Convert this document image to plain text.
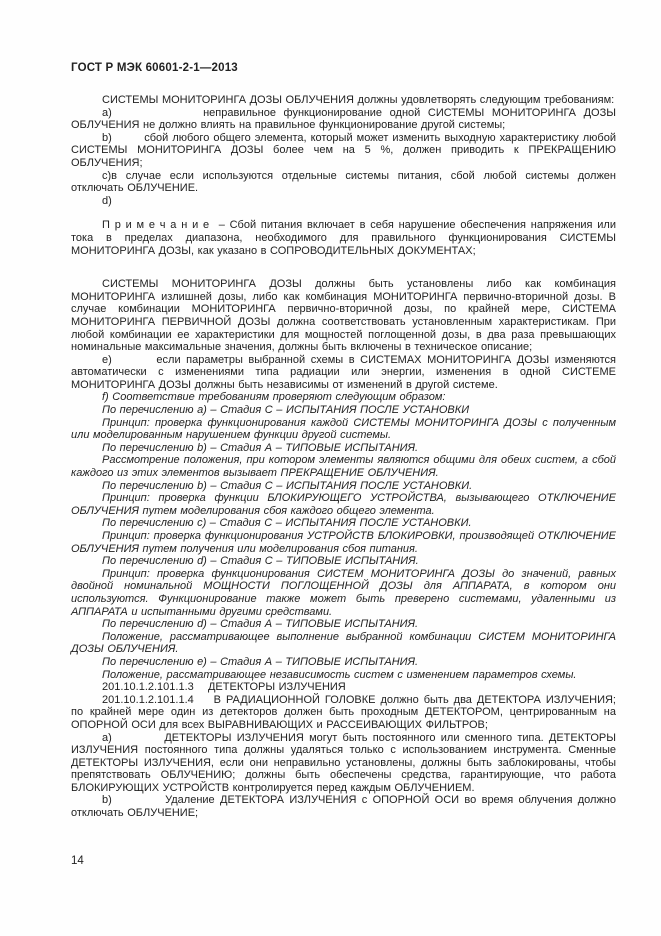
ГОСТ Р МЭК 60601-2-1—2013

СИСТЕМЫ МОНИТОРИНГА ДОЗЫ ОБЛУЧЕНИЯ должны удовлетворять следующим требованиям:

a)            неправильное функционирование одной СИСТЕМЫ МОНИТОРИНГА ДОЗЫ ОБЛУЧЕНИЯ не должно влиять на правильное функционирование другой системы;

b)        сбой любого общего элемента, который может изменить выходную характеристику любой СИСТЕМЫ МОНИТОРИНГА ДОЗЫ более чем на 5 %, должен приводить к ПРЕКРАЩЕНИЮ ОБЛУЧЕНИЯ;

c)в случае если используются отдельные системы питания, сбой любой системы должен отключать ОБЛУЧЕНИЕ.

d)

П р и м е ч а н и е  – Сбой питания включает в себя нарушение обеспечения напряжения или тока в пределах диапазона, необходимого для правильного функционирования СИСТЕМЫ МОНИТОРИНГА ДОЗЫ, как указано в СОПРОВОДИТЕЛЬНЫХ ДОКУМЕНТАХ;

СИСТЕМЫ МОНИТОРИНГА ДОЗЫ должны быть установлены либо как комбинация МОНИТОРИНГА излишней дозы, либо как комбинация МОНИТОРИНГА первично-вторичной дозы. В случае комбинации МОНИТОРИНГА первично-вторичной дозы, по крайней мере, СИСТЕМА МОНИТОРИНГА ПЕРВИЧНОЙ ДОЗЫ должна соответствовать установленным характеристикам. При любой комбинации ее характеристики для мощностей поглощенной дозы, в два раза превышающих номинальные максимальные значения, должны быть включены в техническое описание;

е)        если параметры выбранной схемы в СИСТЕМАХ МОНИТОРИНГА ДОЗЫ изменяются автоматически с изменениями типа радиации или энергии, изменения в одной СИСТЕМЕ МОНИТОРИНГА ДОЗЫ должны быть независимы от изменений в другой системе.

f) Соответствие требованиям проверяют следующим образом:

По перечислению a) – Стадия С – ИСПЫТАНИЯ ПОСЛЕ УСТАНОВКИ

Принцип: проверка функционирования каждой СИСТЕМЫ МОНИТОРИНГА ДОЗЫ с полученным или моделированным нарушением функции другой системы.

По перечислению b) – Стадия А – ТИПОВЫЕ ИСПЫТАНИЯ.

Рассмотрение положения, при котором элементы являются общими для обеих систем, а сбой каждого из этих элементов вызывает ПРЕКРАЩЕНИЕ ОБЛУЧЕНИЯ.

По перечислению b) – Стадия С – ИСПЫТАНИЯ ПОСЛЕ УСТАНОВКИ.

Принцип: проверка функции БЛОКИРУЮЩЕГО УСТРОЙСТВА, вызывающего ОТКЛЮЧЕНИЕ ОБЛУЧЕНИЯ путем моделирования сбоя каждого общего элемента.

По перечислению c) – Стадия С – ИСПЫТАНИЯ ПОСЛЕ УСТАНОВКИ.

Принцип: проверка функционирования УСТРОЙСТВ БЛОКИРОВКИ, производящей ОТКЛЮЧЕНИЕ ОБЛУЧЕНИЯ путем получения или моделирования сбоя питания.

По перечислению d) – Стадия С – ТИПОВЫЕ ИСПЫТАНИЯ.

Принцип: проверка функционирования СИСТЕМ МОНИТОРИНГА ДОЗЫ до значений, равных двойной номинальной МОЩНОСТИ ПОГЛОЩЕННОЙ ДОЗЫ для АППАРАТА, в котором они используются. Функционирование также может быть преверено системами, удаленными из АППАРАТА и испытанными другими средствами.

По перечислению d) – Стадия А – ТИПОВЫЕ ИСПЫТАНИЯ.

Положение, рассматривающее выполнение выбранной комбинации СИСТЕМ МОНИТОРИНГА ДОЗЫ ОБЛУЧЕНИЯ.

По перечислению е) – Стадия А – ТИПОВЫЕ ИСПЫТАНИЯ.

Положение, рассматривающее независимость систем с изменением параметров схемы.

201.10.1.2.101.1.3    ДЕТЕКТОРЫ ИЗЛУЧЕНИЯ

201.10.1.2.101.1.4    В РАДИАЦИОННОЙ ГОЛОВКЕ должно быть два ДЕТЕКТОРА ИЗЛУЧЕНИЯ; по крайней мере один из детекторов должен быть проходным ДЕТЕКТОРОМ, центрированным на ОПОРНОЙ ОСИ для всех ВЫРАВНИВАЮЩИХ и РАССЕИВАЮЩИХ ФИЛЬТРОВ;

a)          ДЕТЕКТОРЫ ИЗЛУЧЕНИЯ могут быть постоянного или сменного типа. ДЕТЕКТОРЫ ИЗЛУЧЕНИЯ постоянного типа должны удаляться только с использованием инструмента. Сменные ДЕТЕКТОРЫ ИЗЛУЧЕНИЯ, если они неправильно установлены, должны быть заблокированы, чтобы препятствовать ОБЛУЧЕНИЮ; должны быть обеспечены средства, гарантирующие, что работа БЛОКИРУЮЩИХ УСТРОЙСТВ контролируется перед каждым ОБЛУЧЕНИЕМ.

b)          Удаление ДЕТЕКТОРА ИЗЛУЧЕНИЯ с ОПОРНОЙ ОСИ во время облучения должно отключать ОБЛУЧЕНИЕ;

14
